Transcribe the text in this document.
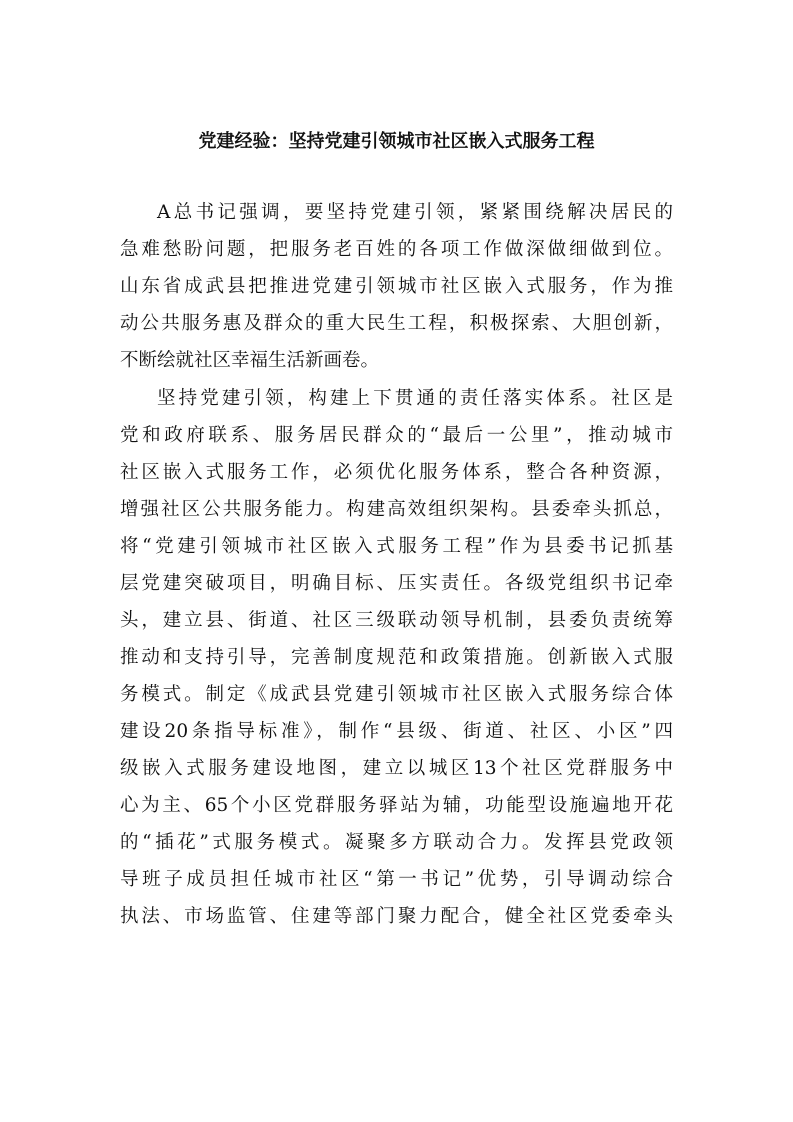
党建经验：坚持党建引领城市社区嵌入式服务工程
A总书记强调，要坚持党建引领，紧紧围绕解决居民的
急难愁盼问题，把服务老百姓的各项工作做深做细做到位。
山东省成武县把推进党建引领城市社区嵌入式服务，作为推
动公共服务惠及群众的重大民生工程，积极探索、大胆创新，
不断绘就社区幸福生活新画卷。
坚持党建引领，构建上下贯通的责任落实体系。社区是
党和政府联系、服务居民群众的“最后一公里”，推动城市
社区嵌入式服务工作，必须优化服务体系，整合各种资源，
增强社区公共服务能力。构建高效组织架构。县委牵头抓总，
将“党建引领城市社区嵌入式服务工程”作为县委书记抓基
层党建突破项目，明确目标、压实责任。各级党组织书记牵
头，建立县、街道、社区三级联动领导机制，县委负责统筹
推动和支持引导，完善制度规范和政策措施。创新嵌入式服
务模式。制定《成武县党建引领城市社区嵌入式服务综合体
建设20条指导标准》，制作“县级、街道、社区、小区”四
级嵌入式服务建设地图，建立以城区13个社区党群服务中
心为主、65个小区党群服务驿站为辅，功能型设施遍地开花
的“插花”式服务模式。凝聚多方联动合力。发挥县党政领
导班子成员担任城市社区“第一书记”优势，引导调动综合
执法、市场监管、住建等部门聚力配合，健全社区党委牵头
